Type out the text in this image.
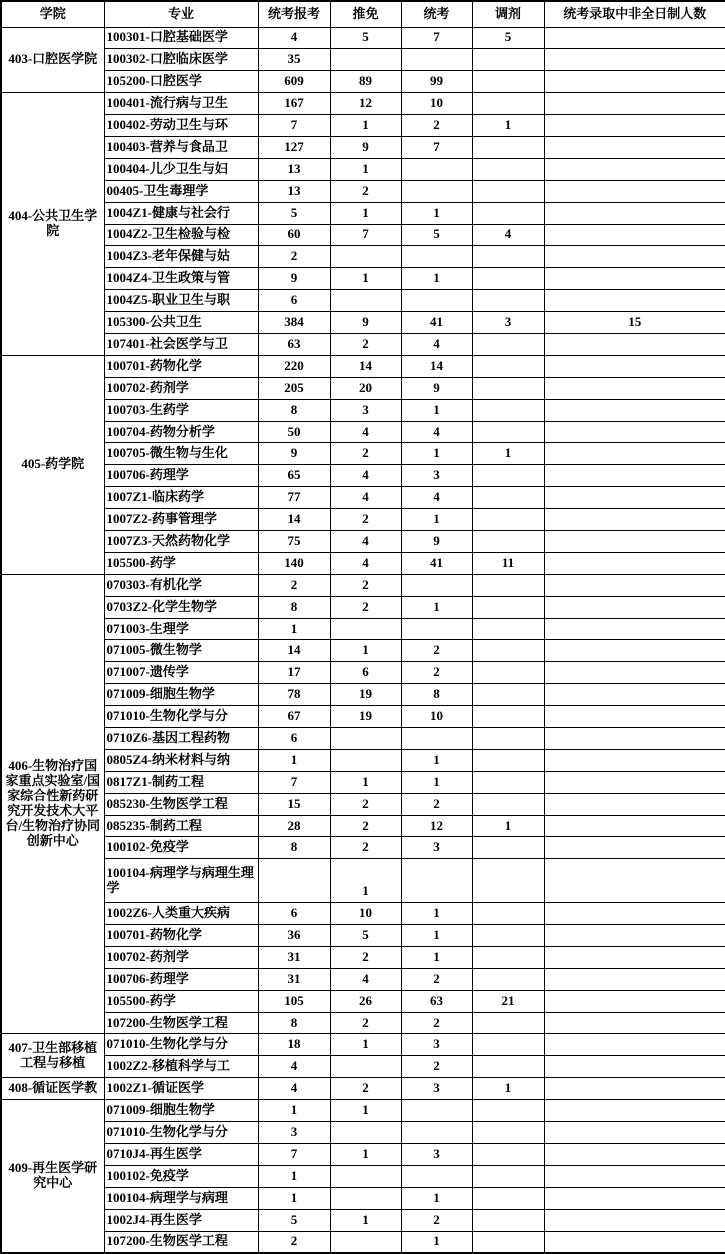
学院	专业	统考报考	推免	统考	调剂	统考录取中非全日制人数
403-口腔医学院	100301-口腔基础医学	4	5	7	5	
	100302-口腔临床医学	35				
	105200-口腔医学	609	89	99		
404-公共卫生学院	100401-流行病与卫生	167	12	10		
	100402-劳动卫生与环	7	1	2	1	
	100403-营养与食品卫	127	9	7		
	100404-儿少卫生与妇	13	1			
	00405-卫生毒理学	13	2			
	1004Z1-健康与社会行	5	1	1		
	1004Z2-卫生检验与检	60	7	5	4	
	1004Z3-老年保健与姑	2				
	1004Z4-卫生政策与管	9	1	1		
	1004Z5-职业卫生与职	6				
	105300-公共卫生	384	9	41	3	15
	107401-社会医学与卫	63	2	4		
405-药学院	100701-药物化学	220	14	14		
	100702-药剂学	205	20	9		
	100703-生药学	8	3	1		
	100704-药物分析学	50	4	4		
	100705-微生物与生化	9	2	1	1	
	100706-药理学	65	4	3		
	1007Z1-临床药学	77	4	4		
	1007Z2-药事管理学	14	2	1		
	1007Z3-天然药物化学	75	4	9		
	105500-药学	140	4	41	11	
406-生物治疗国家重点实验室/国家综合性新药研究开发技术大平台/生物治疗协同创新中心	070303-有机化学	2	2			
	0703Z2-化学生物学	8	2	1		
	071003-生理学	1				
	071005-微生物学	14	1	2		
	071007-遗传学	17	6	2		
	071009-细胞生物学	78	19	8		
	071010-生物化学与分	67	19	10		
	0710Z6-基因工程药物	6				
	0805Z4-纳米材料与纳	1		1		
	0817Z1-制药工程	7	1	1		
	085230-生物医学工程	15	2	2		
	085235-制药工程	28	2	12	1	
	100102-免疫学	8	2	3		
	100104-病理学与病理生理学		1			
	1002Z6-人类重大疾病	6	10	1		
	100701-药物化学	36	5	1		
	100702-药剂学	31	2	1		
	100706-药理学	31	4	2		
	105500-药学	105	26	63	21	
	107200-生物医学工程	8	2	2		
407-卫生部移植工程与移植	071010-生物化学与分	18	1	3		
	1002Z2-移植科学与工	4		2		
408-循证医学教	1002Z1-循证医学	4	2	3	1	
409-再生医学研究中心	071009-细胞生物学	1	1			
	071010-生物化学与分	3				
	0710J4-再生医学	7	1	3		
	100102-免疫学	1				
	100104-病理学与病理	1		1		
	1002J4-再生医学	5	1	2		
	107200-生物医学工程	2		1		
